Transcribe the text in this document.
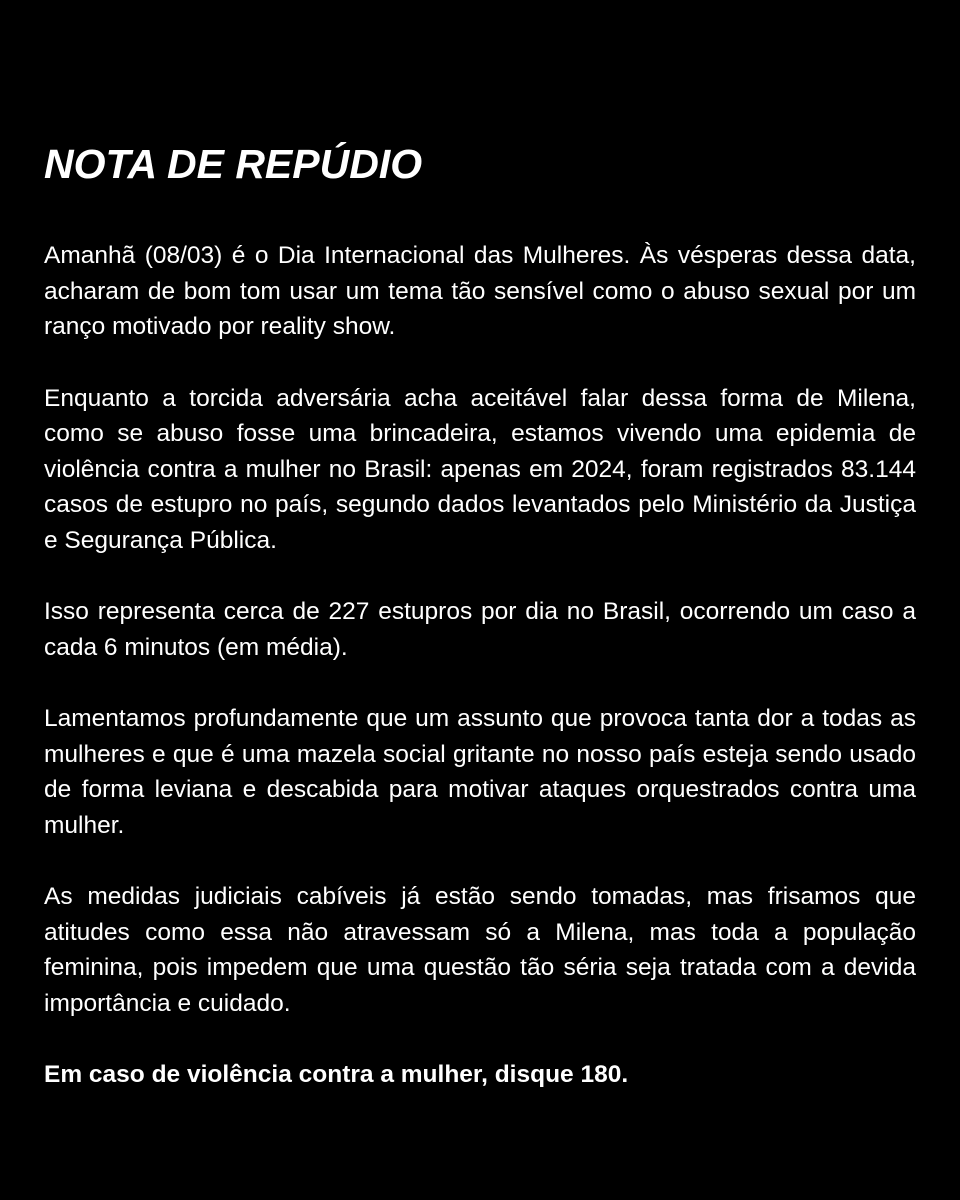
NOTA DE REPÚDIO

Amanhã (08/03) é o Dia Internacional das Mulheres. Às vésperas dessa data, acharam de bom tom usar um tema tão sensível como o abuso sexual por um ranço motivado por reality show.

Enquanto a torcida adversária acha aceitável falar dessa forma de Milena, como se abuso fosse uma brincadeira, estamos vivendo uma epidemia de violência contra a mulher no Brasil: apenas em 2024, foram registrados 83.144 casos de estupro no país, segundo dados levantados pelo Ministério da Justiça e Segurança Pública.

Isso representa cerca de 227 estupros por dia no Brasil, ocorrendo um caso a cada 6 minutos (em média).

Lamentamos profundamente que um assunto que provoca tanta dor a todas as mulheres e que é uma mazela social gritante no nosso país esteja sendo usado de forma leviana e descabida para motivar ataques orquestrados contra uma mulher.

As medidas judiciais cabíveis já estão sendo tomadas, mas frisamos que atitudes como essa não atravessam só a Milena, mas toda a população feminina, pois impedem que uma questão tão séria seja tratada com a devida importância e cuidado.

Em caso de violência contra a mulher, disque 180.
